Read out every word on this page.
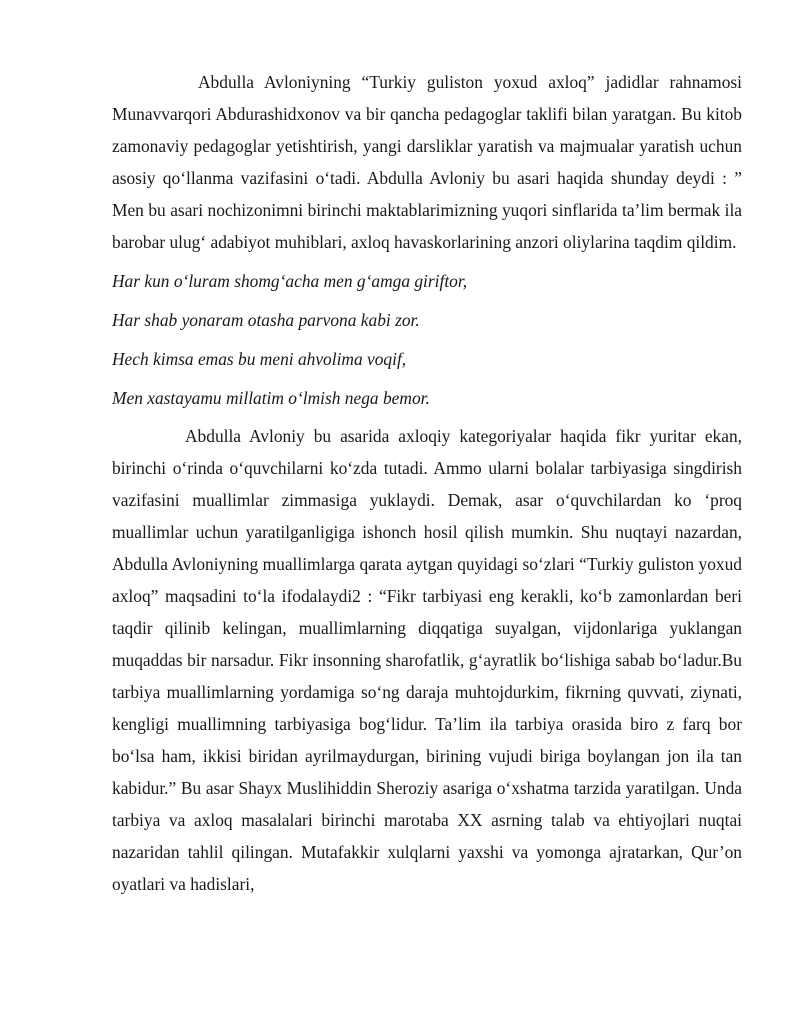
Abdulla Avloniyning “Turkiy guliston yoxud axloq” jadidlar rahnamosi Munavvarqori Abdurashidxonov va bir qancha pedagoglar taklifi bilan yaratgan. Bu kitob zamonaviy pedagoglar yetishtirish, yangi darsliklar yaratish va majmualar yaratish uchun asosiy qo‘llanma vazifasini o‘tadi. Abdulla Avloniy bu asari haqida shunday deydi : ” Men bu asari nochizonimni birinchi maktablarimizning yuqori sinflarida ta’lim bermak ila barobar ulug‘ adabiyot muhiblari, axloq havaskorlarining anzori oliylarina taqdim qildim.

Har kun o‘luram shomg‘acha men g‘amga giriftor,

Har shab yonaram otasha parvona kabi zor.

Hech kimsa emas bu meni ahvolima voqif,

Men xastayamu millatim o‘lmish nega bemor.

Abdulla Avloniy bu asarida axloqiy kategoriyalar haqida fikr yuritar ekan, birinchi o‘rinda o‘quvchilarni ko‘zda tutadi. Ammo ularni bolalar tarbiyasiga singdirish vazifasini muallimlar zimmasiga yuklaydi. Demak, asar o‘quvchilardan ko ‘proq muallimlar uchun yaratilganligiga ishonch hosil qilish mumkin. Shu nuqtayi nazardan, Abdulla Avloniyning muallimlarga qarata aytgan quyidagi so‘zlari “Turkiy guliston yoxud axloq” maqsadini to‘la ifodalaydi2 : “Fikr tarbiyasi eng kerakli, ko‘b zamonlardan beri taqdir qilinib kelingan, muallimlarning diqqatiga suyalgan, vijdonlariga yuklangan muqaddas bir narsadur. Fikr insonning sharofatlik, g‘ayratlik bo‘lishiga sabab bo‘ladur.Bu tarbiya muallimlarning yordamiga so‘ng daraja muhtojdurkim, fikrning quvvati, ziynati, kengligi muallimning tarbiyasiga bog‘lidur. Ta’lim ila tarbiya orasida biro z farq bor bo‘lsa ham, ikkisi biridan ayrilmaydurgan, birining vujudi biriga boylangan jon ila tan kabidur.” Bu asar Shayx Muslihiddin Sheroziy asariga o‘xshatma tarzida yaratilgan. Unda tarbiya va axloq masalalari birinchi marotaba XX asrning talab va ehtiyojlari nuqtai nazaridan tahlil qilingan. Mutafakkir xulqlarni yaxshi va yomonga ajratarkan, Qur’on oyatlari va hadislari,
